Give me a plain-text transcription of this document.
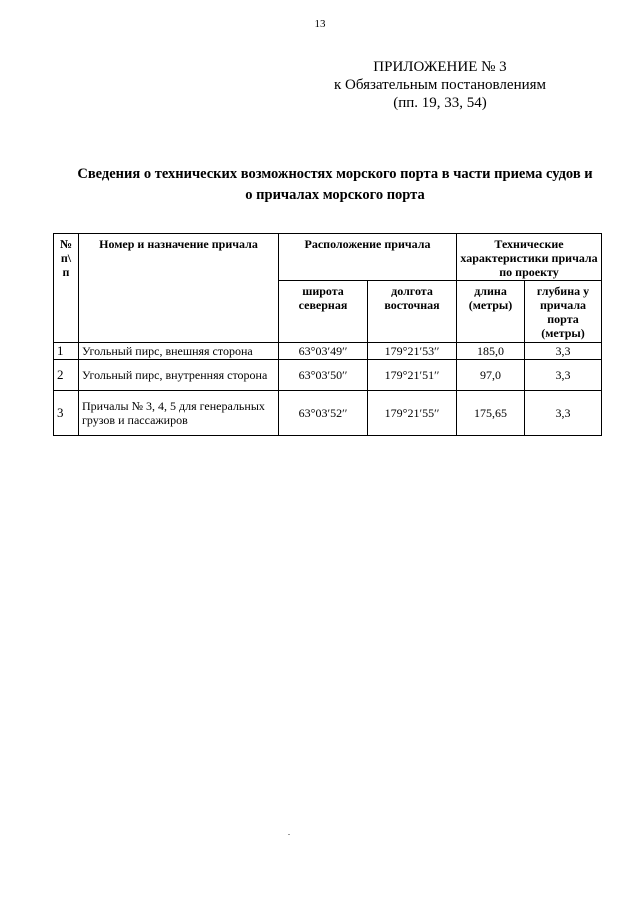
13
ПРИЛОЖЕНИЕ № 3
к Обязательным постановлениям
(пп. 19, 33, 54)
Сведения о технических возможностях морского порта в части приема судов и
о причалах морского порта
№ п\ п	Номер и назначение причала	Расположение причала		Технические характеристики причала по проекту	
		широта северная	долгота восточная	длина (метры)	глубина у причала порта (метры)
1	Угольный пирс, внешняя сторона	63°03′49′′	179°21′53′′	185,0	3,3
2	Угольный пирс, внутренняя сторона	63°03′50′′	179°21′51′′	97,0	3,3
3	Причалы № 3, 4, 5 для генеральных грузов и пассажиров	63°03′52′′	179°21′55′′	175,65	3,3
